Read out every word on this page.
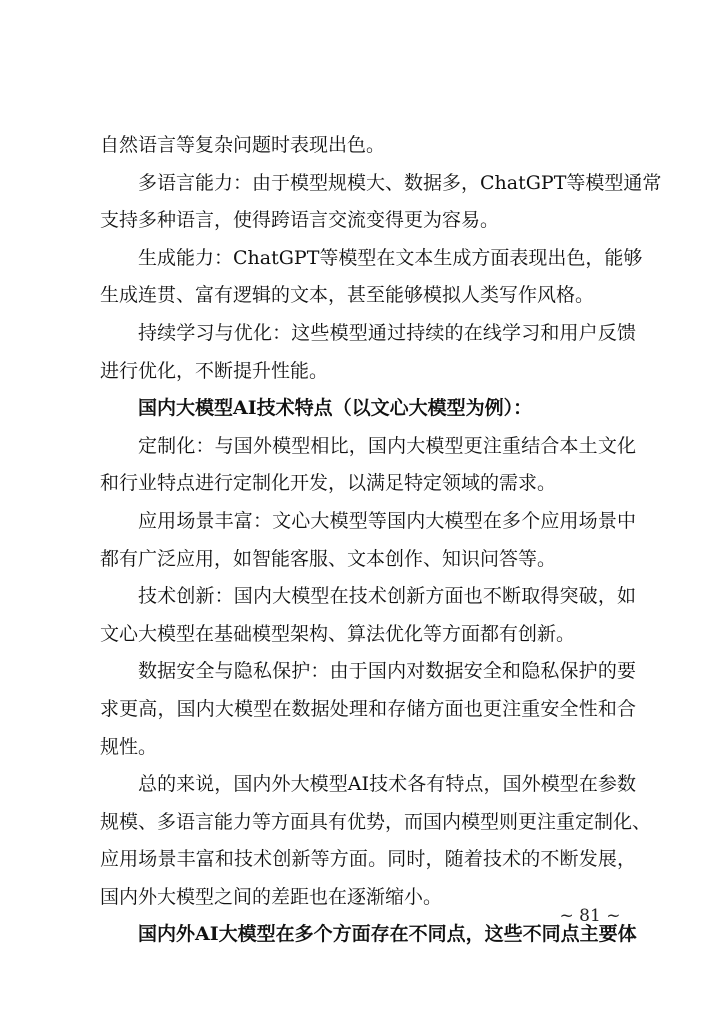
自然语言等复杂问题时表现出色。
多语言能力：由于模型规模大、数据多，ChatGPT等模型通常
支持多种语言，使得跨语言交流变得更为容易。
生成能力：ChatGPT等模型在文本生成方面表现出色，能够
生成连贯、富有逻辑的文本，甚至能够模拟人类写作风格。
持续学习与优化：这些模型通过持续的在线学习和用户反馈
进行优化，不断提升性能。
国内大模型AI技术特点（以文心大模型为例）：
定制化：与国外模型相比，国内大模型更注重结合本土文化
和行业特点进行定制化开发，以满足特定领域的需求。
应用场景丰富：文心大模型等国内大模型在多个应用场景中
都有广泛应用，如智能客服、文本创作、知识问答等。
技术创新：国内大模型在技术创新方面也不断取得突破，如
文心大模型在基础模型架构、算法优化等方面都有创新。
数据安全与隐私保护：由于国内对数据安全和隐私保护的要
求更高，国内大模型在数据处理和存储方面也更注重安全性和合
规性。
总的来说，国内外大模型AI技术各有特点，国外模型在参数
规模、多语言能力等方面具有优势，而国内模型则更注重定制化、
应用场景丰富和技术创新等方面。同时，随着技术的不断发展，
国内外大模型之间的差距也在逐渐缩小。
国内外AI大模型在多个方面存在不同点，这些不同点主要体
~ 81 ~
